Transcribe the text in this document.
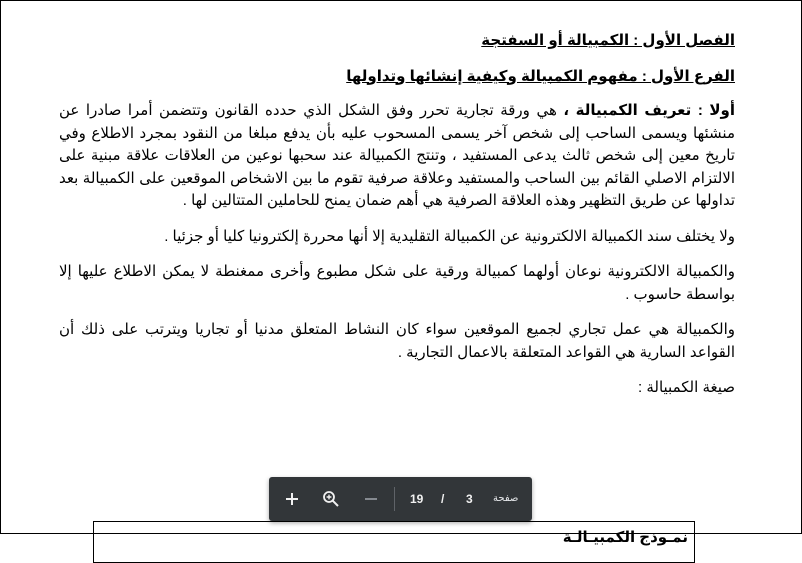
الفصل الأول : الكمبيالة أو السفتجة

الفرع الأول : مفهوم الكمبيالة وكيفية إنشائها وتداولها

أولا : تعريف الكمبيالة ، هي ورقة تجارية تحرر وفق الشكل الذي حدده القانون وتتضمن أمرا صادرا عن منشئها ويسمى الساحب إلى شخص آخر يسمى المسحوب عليه بأن يدفع مبلغا من النقود بمجرد الاطلاع وفي تاريخ معين إلى شخص ثالث يدعى المستفيد ، وتنتج الكمبيالة عند سحبها نوعين من العلاقات علاقة مبنية على الالتزام الاصلي القائم بين الساحب والمستفيد وعلاقة صرفية تقوم ما بين الاشخاص الموقعين على الكمبيالة بعد تداولها عن طريق التظهير وهذه العلاقة الصرفية هي أهم ضمان يمنح للحاملين المتتالين لها .

ولا يختلف سند الكمبيالة الالكترونية عن الكمبيالة التقليدية إلا أنها محررة إلكترونيا كليا أو جزئيا .

والكمبيالة الالكترونية نوعان أولهما كمبيالة ورقية على شكل مطبوع وأخرى ممغنطة لا يمكن الاطلاع عليها إلا بواسطة حاسوب .

والكمبيالة هي عمل تجاري لجميع الموقعين سواء كان النشاط المتعلق مدنيا أو تجاريا ويترتب على ذلك أن القواعد السارية هي القواعد المتعلقة بالاعمال التجارية .

صيغة الكمبيالة :

نمـوذج الكمبيـالـة
19 / 3 صفحة
